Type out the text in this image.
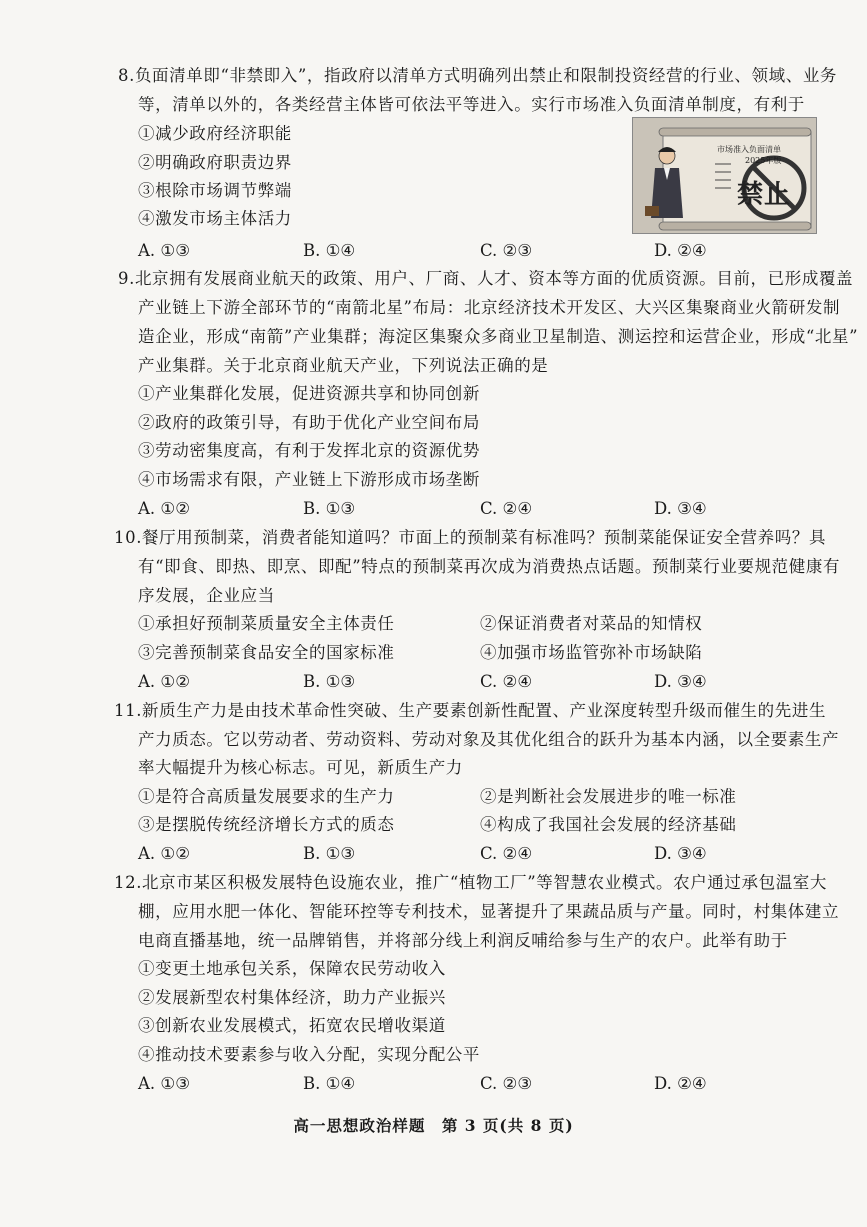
8.负面清单即“非禁即入”，指政府以清单方式明确列出禁止和限制投资经营的行业、领域、业务
等，清单以外的，各类经营主体皆可依法平等进入。实行市场准入负面清单制度，有利于
①减少政府经济职能
②明确政府职责边界
③根除市场调节弊端
④激发市场主体活力
A. ①③	B. ①④	C. ②③	D. ②④
市场准入负面清单
2025年版
禁止
9.北京拥有发展商业航天的政策、用户、厂商、人才、资本等方面的优质资源。目前，已形成覆盖
产业链上下游全部环节的“南箭北星”布局：北京经济技术开发区、大兴区集聚商业火箭研发制
造企业，形成“南箭”产业集群；海淀区集聚众多商业卫星制造、测运控和运营企业，形成“北星”
产业集群。关于北京商业航天产业，下列说法正确的是
①产业集群化发展，促进资源共享和协同创新
②政府的政策引导，有助于优化产业空间布局
③劳动密集度高，有利于发挥北京的资源优势
④市场需求有限，产业链上下游形成市场垄断
A. ①②	B. ①③	C. ②④	D. ③④
10.餐厅用预制菜，消费者能知道吗？市面上的预制菜有标准吗？预制菜能保证安全营养吗？具
有“即食、即热、即烹、即配”特点的预制菜再次成为消费热点话题。预制菜行业要规范健康有
序发展，企业应当
①承担好预制菜质量安全主体责任	②保证消费者对菜品的知情权
③完善预制菜食品安全的国家标准	④加强市场监管弥补市场缺陷
A. ①②	B. ①③	C. ②④	D. ③④
11.新质生产力是由技术革命性突破、生产要素创新性配置、产业深度转型升级而催生的先进生
产力质态。它以劳动者、劳动资料、劳动对象及其优化组合的跃升为基本内涵，以全要素生产
率大幅提升为核心标志。可见，新质生产力
①是符合高质量发展要求的生产力	②是判断社会发展进步的唯一标准
③是摆脱传统经济增长方式的质态	④构成了我国社会发展的经济基础
A. ①②	B. ①③	C. ②④	D. ③④
12.北京市某区积极发展特色设施农业，推广“植物工厂”等智慧农业模式。农户通过承包温室大
棚，应用水肥一体化、智能环控等专利技术，显著提升了果蔬品质与产量。同时，村集体建立
电商直播基地，统一品牌销售，并将部分线上利润反哺给参与生产的农户。此举有助于
①变更土地承包关系，保障农民劳动收入
②发展新型农村集体经济，助力产业振兴
③创新农业发展模式，拓宽农民增收渠道
④推动技术要素参与收入分配，实现分配公平
A. ①③	B. ①④	C. ②③	D. ②④
高一思想政治样题　第 3 页(共 8 页)
